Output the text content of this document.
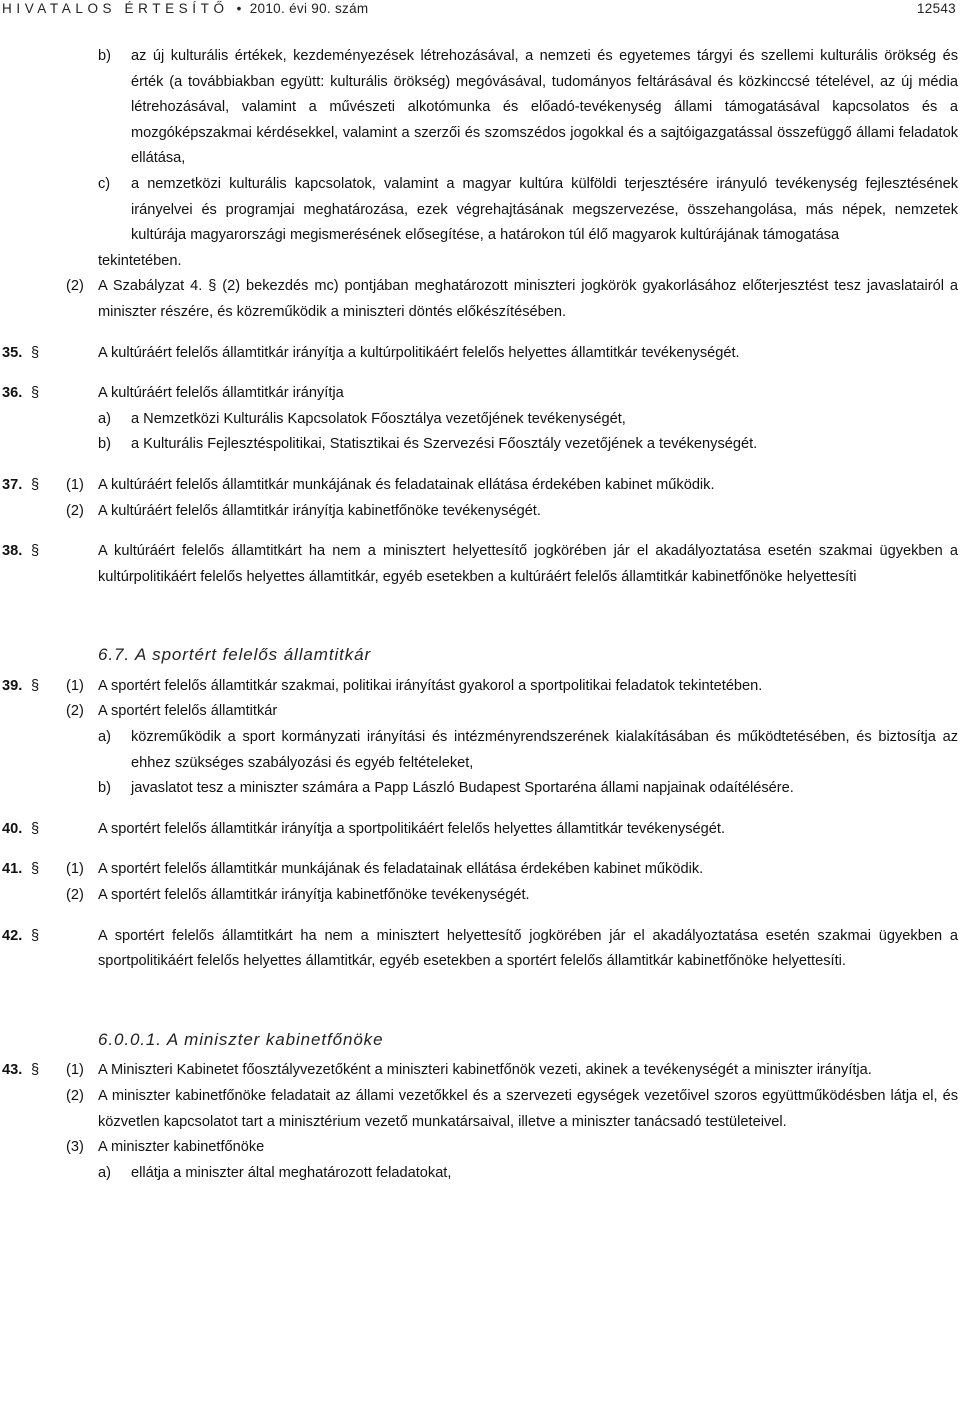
HIVATALOS ÉRTESÍTŐ • 2010. évi 90. szám	12543
b) az új kulturális értékek, kezdeményezések létrehozásával, a nemzeti és egyetemes tárgyi és szellemi kulturális örökség és érték (a továbbiakban együtt: kulturális örökség) megóvásával, tudományos feltárásával és közkinccsé tételével, az új média létrehozásával, valamint a művészeti alkotómunka és előadó-tevékenység állami támogatásával kapcsolatos és a mozgóképszakmai kérdésekkel, valamint a szerzői és szomszédos jogokkal és a sajtóigazgatással összefüggő állami feladatok ellátása,
c) a nemzetközi kulturális kapcsolatok, valamint a magyar kultúra külföldi terjesztésére irányuló tevékenység fejlesztésének irányelvei és programjai meghatározása, ezek végrehajtásának megszervezése, összehangolása, más népek, nemzetek kultúrája magyarországi megismerésének elősegítése, a határokon túl élő magyarok kultúrájának támogatása
tekintetében.
(2) A Szabályzat 4. § (2) bekezdés mc) pontjában meghatározott miniszteri jogkörök gyakorlásához előterjesztést tesz javaslatairól a miniszter részére, és közreműködik a miniszteri döntés előkészítésében.
35. §	A kultúráért felelős államtitkár irányítja a kultúrpolitikáért felelős helyettes államtitkár tevékenységét.
36. §	A kultúráért felelős államtitkár irányítja
a) a Nemzetközi Kulturális Kapcsolatok Főosztálya vezetőjének tevékenységét,
b) a Kulturális Fejlesztéspolitikai, Statisztikai és Szervezési Főosztály vezetőjének a tevékenységét.
37. § (1) A kultúráért felelős államtitkár munkájának és feladatainak ellátása érdekében kabinet működik.
(2) A kultúráért felelős államtitkár irányítja kabinetfőnöke tevékenységét.
38. §	A kultúráért felelős államtitkárt ha nem a minisztert helyettesítő jogkörében jár el akadályoztatása esetén szakmai ügyekben a kultúrpolitikáért felelős helyettes államtitkár, egyéb esetekben a kultúráért felelős államtitkár kabinetfőnöke helyettesíti
6.7. A sportért felelős államtitkár
39. § (1) A sportért felelős államtitkár szakmai, politikai irányítást gyakorol a sportpolitikai feladatok tekintetében.
(2) A sportért felelős államtitkár
a) közreműködik a sport kormányzati irányítási és intézményrendszerének kialakításában és működtetésében, és biztosítja az ehhez szükséges szabályozási és egyéb feltételeket,
b) javaslatot tesz a miniszter számára a Papp László Budapest Sportaréna állami napjainak odaítélésére.
40. §	A sportért felelős államtitkár irányítja a sportpolitikáért felelős helyettes államtitkár tevékenységét.
41. § (1) A sportért felelős államtitkár munkájának és feladatainak ellátása érdekében kabinet működik.
(2) A sportért felelős államtitkár irányítja kabinetfőnöke tevékenységét.
42. §	A sportért felelős államtitkárt ha nem a minisztert helyettesítő jogkörében jár el akadályoztatása esetén szakmai ügyekben a sportpolitikáért felelős helyettes államtitkár, egyéb esetekben a sportért felelős államtitkár kabinetfőnöke helyettesíti.
6.0.0.1. A miniszter kabinetfőnöke
43. § (1) A Miniszteri Kabinetet főosztályvezetőként a miniszteri kabinetfőnök vezeti, akinek a tevékenységét a miniszter irányítja.
(2) A miniszter kabinetfőnöke feladatait az állami vezetőkkel és a szervezeti egységek vezetőivel szoros együttműködésben látja el, és közvetlen kapcsolatot tart a minisztérium vezető munkatársaival, illetve a miniszter tanácsadó testületeivel.
(3) A miniszter kabinetfőnöke
a) ellátja a miniszter által meghatározott feladatokat,
